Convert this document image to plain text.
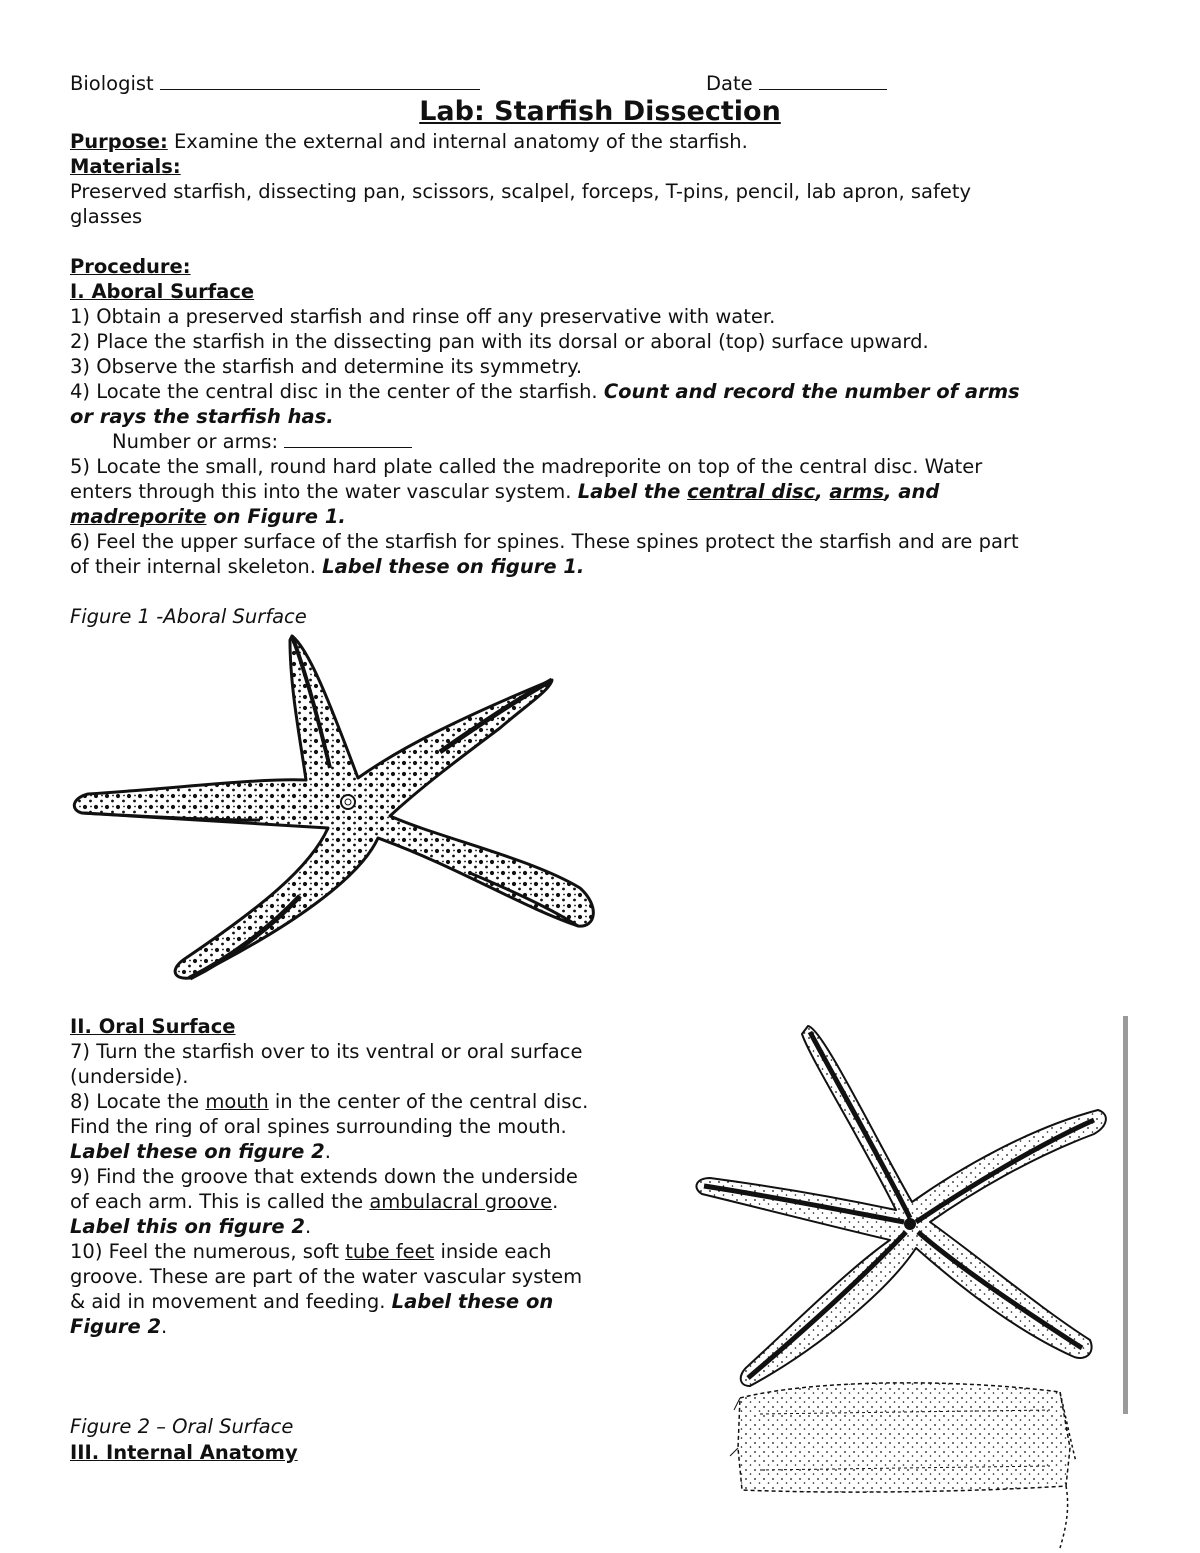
Biologist	Date
Lab: Starfish Dissection
Purpose: Examine the external and internal anatomy of the starfish.
Materials:
Preserved starfish, dissecting pan, scissors, scalpel, forceps, T-pins, pencil, lab apron, safety
glasses
Procedure:
I. Aboral Surface
1) Obtain a preserved starfish and rinse off any preservative with water.
2) Place the starfish in the dissecting pan with its dorsal or aboral (top) surface upward.
3) Observe the starfish and determine its symmetry.
4) Locate the central disc in the center of the starfish. Count and record the number of arms
or rays the starfish has.
Number or arms:
5) Locate the small, round hard plate called the madreporite on top of the central disc. Water
enters through this into the water vascular system. Label the central disc, arms, and
madreporite on Figure 1.
6) Feel the upper surface of the starfish for spines. These spines protect the starfish and are part
of their internal skeleton. Label these on figure 1.
Figure 1 -Aboral Surface
II. Oral Surface
7) Turn the starfish over to its ventral or oral surface
(underside).
8) Locate the mouth in the center of the central disc.
Find the ring of oral spines surrounding the mouth.
Label these on figure 2.
9) Find the groove that extends down the underside
of each arm. This is called the ambulacral groove.
Label this on figure 2.
10) Feel the numerous, soft tube feet inside each
groove. These are part of the water vascular system
& aid in movement and feeding. Label these on
Figure 2.
Figure 2 – Oral Surface
III. Internal Anatomy
